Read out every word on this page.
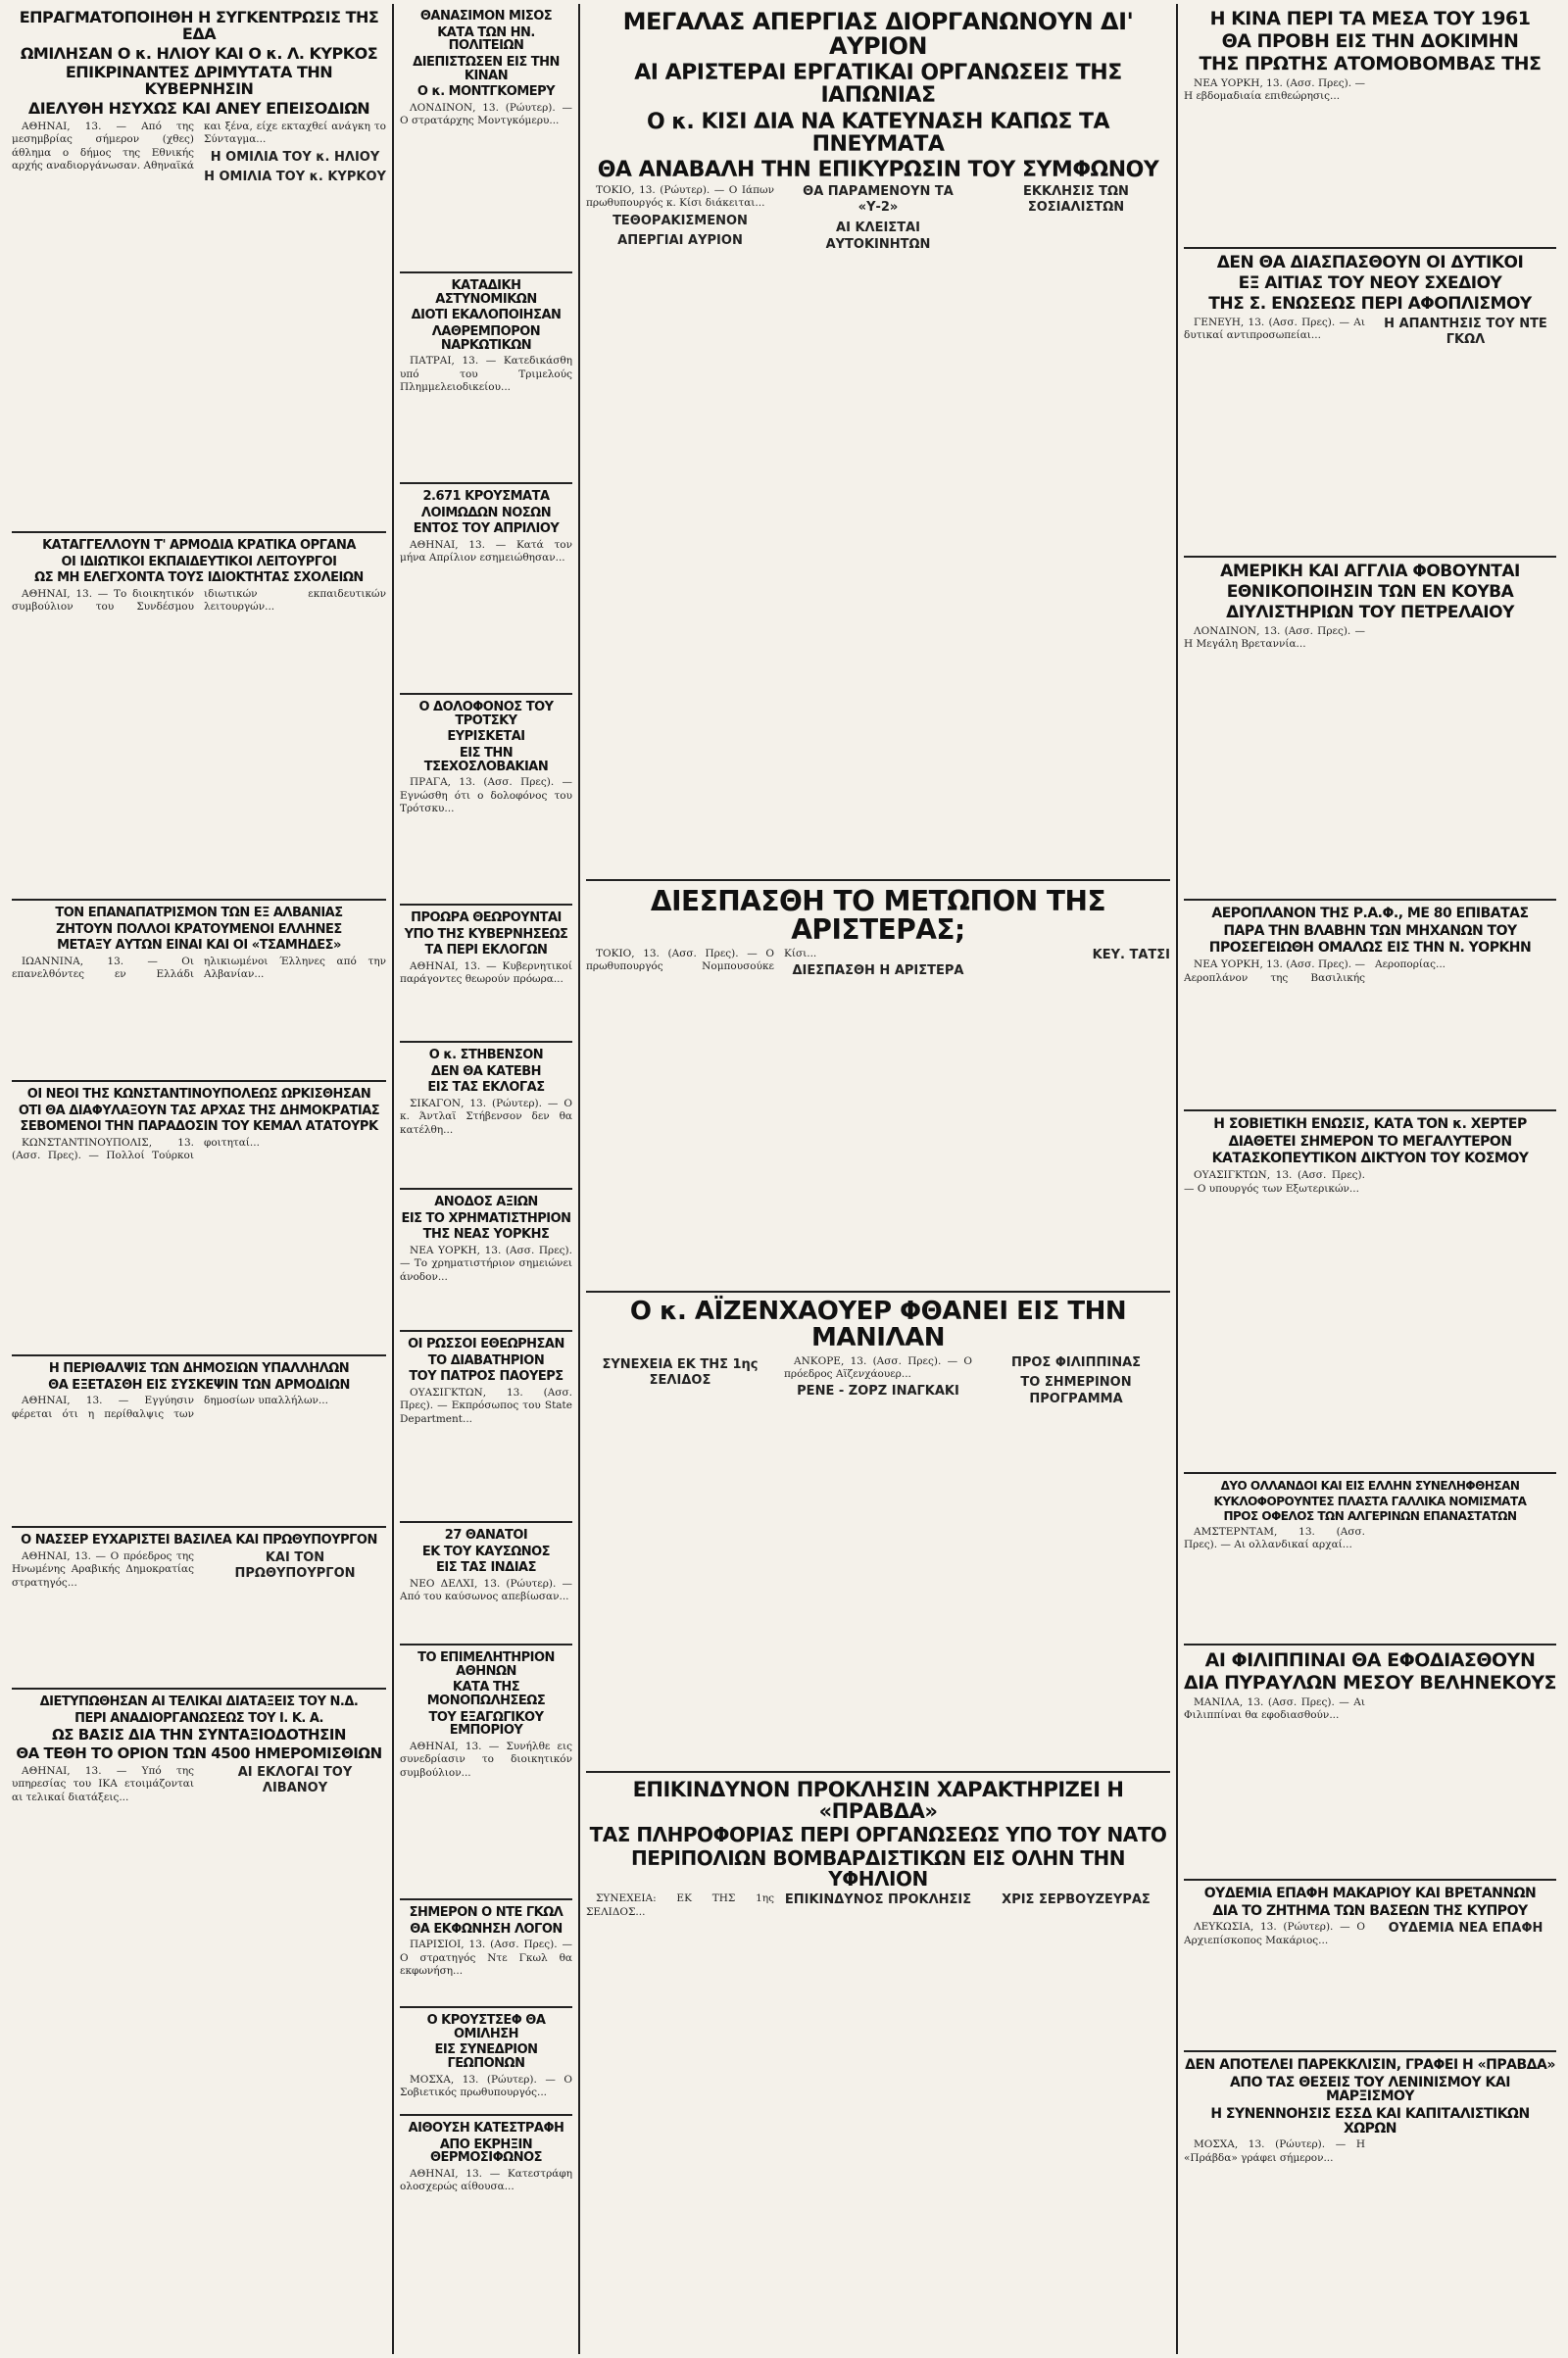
ΕΠΡΑΓΜΑΤΟΠΟΙΗΘΗ Η ΣΥΓΚΕΝΤΡΩΣΙΣ ΤΗΣ ΕΔΑ
ΩΜΙΛΗΣΑΝ Ο κ. ΗΛΙΟΥ ΚΑΙ Ο κ. Λ. ΚΥΡΚΟΣ
ΕΠΙΚΡΙΝΑΝΤΕΣ ΔΡΙΜΥΤΑΤΑ ΤΗΝ ΚΥΒΕΡΝΗΣΙΝ
ΔΙΕΛΥΘΗ ΗΣΥΧΩΣ ΚΑΙ ΑΝΕΥ ΕΠΕΙΣΟΔΙΩΝ

ΑΘΗΝΑΙ, 13. — Από της μεσημβρίας σήμερον (χθες) άθλημα ο δήμος της Εθνικής αρχής αναδιοργάνωσαν. Αθηναϊκά και ξένα, είχε εκταχθεί ανάγκη το Σύνταγμα...

Η ΟΜΙΛΙΑ ΤΟΥ κ. ΗΛΙΟΥ
Η ΟΜΙΛΙΑ ΤΟΥ κ. ΚΥΡΚΟΥ
ΚΑΤΑΓΓΕΛΛΟΥΝ Τ' ΑΡΜΟΔΙΑ ΚΡΑΤΙΚΑ ΟΡΓΑΝΑ
ΟΙ ΙΔΙΩΤΙΚΟΙ ΕΚΠΑΙΔΕΥΤΙΚΟΙ ΛΕΙΤΟΥΡΓΟΙ
ΩΣ ΜΗ ΕΛΕΓΧΟΝΤΑ ΤΟΥΣ ΙΔΙΟΚΤΗΤΑΣ ΣΧΟΛΕΙΩΝ

ΑΘΗΝΑΙ, 13. — Το διοικητικόν συμβούλιον του Συνδέσμου ιδιωτικών εκπαιδευτικών λειτουργών...

ΤΟΝ ΕΠΑΝΑΠΑΤΡΙΣΜΟΝ ΤΩΝ ΕΞ ΑΛΒΑΝΙΑΣ
ΖΗΤΟΥΝ ΠΟΛΛΟΙ ΚΡΑΤΟΥΜΕΝΟΙ ΕΛΛΗΝΕΣ
ΜΕΤΑΞΥ ΑΥΤΩΝ ΕΙΝΑΙ ΚΑΙ ΟΙ «ΤΣΑΜΗΔΕΣ»

ΙΩΑΝΝΙΝΑ, 13. — Οι επανελθόντες εν Ελλάδι ηλικιωμένοι Έλληνες από την Αλβανίαν...

ΟΙ ΝΕΟΙ ΤΗΣ ΚΩΝΣΤΑΝΤΙΝΟΥΠΟΛΕΩΣ ΩΡΚΙΣΘΗΣΑΝ
ΟΤΙ ΘΑ ΔΙΑΦΥΛΑΞΟΥΝ ΤΑΣ ΑΡΧΑΣ ΤΗΣ ΔΗΜΟΚΡΑΤΙΑΣ
ΣΕΒΟΜΕΝΟΙ ΤΗΝ ΠΑΡΑΔΟΣΙΝ ΤΟΥ ΚΕΜΑΛ ΑΤΑΤΟΥΡΚ

ΚΩΝΣΤΑΝΤΙΝΟΥΠΟΛΙΣ, 13. (Ασσ. Πρες). — Πολλοί Τούρκοι φοιτηταί...

Η ΠΕΡΙΘΑΛΨΙΣ ΤΩΝ ΔΗΜΟΣΙΩΝ ΥΠΑΛΛΗΛΩΝ
ΘΑ ΕΞΕΤΑΣΘΗ ΕΙΣ ΣΥΣΚΕΨΙΝ ΤΩΝ ΑΡΜΟΔΙΩΝ

ΑΘΗΝΑΙ, 13. — Εγγύησιν φέρεται ότι η περίθαλψις των δημοσίων υπαλλήλων...

Ο ΝΑΣΣΕΡ ΕΥΧΑΡΙΣΤΕΙ ΒΑΣΙΛΕΑ ΚΑΙ ΠΡΩΘΥΠΟΥΡΓΟΝ

ΑΘΗΝΑΙ, 13. — Ο πρόεδρος της Ηνωμένης Αραβικής Δημοκρατίας στρατηγός...

ΚΑΙ ΤΟΝ ΠΡΩΘΥΠΟΥΡΓΟΝ
ΔΙΕΤΥΠΩΘΗΣΑΝ ΑΙ ΤΕΛΙΚΑΙ ΔΙΑΤΑΞΕΙΣ ΤΟΥ Ν.Δ.
ΠΕΡΙ ΑΝΑΔΙΟΡΓΑΝΩΣΕΩΣ ΤΟΥ Ι. Κ. Α.
ΩΣ ΒΑΣΙΣ ΔΙΑ ΤΗΝ ΣΥΝΤΑΞΙΟΔΟΤΗΣΙΝ
ΘΑ ΤΕΘΗ ΤΟ ΟΡΙΟΝ ΤΩΝ 4500 ΗΜΕΡΟΜΙΣΘΙΩΝ

ΑΘΗΝΑΙ, 13. — Υπό της υπηρεσίας του ΙΚΑ ετοιμάζονται αι τελικαί διατάξεις...

ΑΙ ΕΚΛΟΓΑΙ ΤΟΥ ΛΙΒΑΝΟΥ
ΘΑΝΑΣΙΜΟΝ ΜΙΣΟΣ
ΚΑΤΑ ΤΩΝ ΗΝ. ΠΟΛΙΤΕΙΩΝ
ΔΙΕΠΙΣΤΩΣΕΝ ΕΙΣ ΤΗΝ ΚΙΝΑΝ
Ο κ. ΜΟΝΤΓΚΟΜΕΡΥ

ΛΟΝΔΙΝΟΝ, 13. (Ρώυτερ). — Ο στρατάρχης Μοντγκόμερυ...

ΚΑΤΑΔΙΚΗ ΑΣΤΥΝΟΜΙΚΩΝ
ΔΙΟΤΙ ΕΚΑΛΟΠΟΙΗΣΑΝ
ΛΑΘΡΕΜΠΟΡΟΝ ΝΑΡΚΩΤΙΚΩΝ

ΠΑΤΡΑΙ, 13. — Κατεδικάσθη υπό του Τριμελούς Πλημμελειοδικείου...

2.671 ΚΡΟΥΣΜΑΤΑ
ΛΟΙΜΩΔΩΝ ΝΟΣΩΝ
ΕΝΤΟΣ ΤΟΥ ΑΠΡΙΛΙΟΥ

ΑΘΗΝΑΙ, 13. — Κατά τον μήνα Απρίλιον εσημειώθησαν...

Ο ΔΟΛΟΦΟΝΟΣ ΤΟΥ ΤΡΟΤΣΚΥ
ΕΥΡΙΣΚΕΤΑΙ
ΕΙΣ ΤΗΝ ΤΣΕΧΟΣΛΟΒΑΚΙΑΝ

ΠΡΑΓΑ, 13. (Ασσ. Πρες). — Εγνώσθη ότι ο δολοφόνος του Τρότσκυ...

ΠΡΟΩΡΑ ΘΕΩΡΟΥΝΤΑΙ
ΥΠΟ ΤΗΣ ΚΥΒΕΡΝΗΣΕΩΣ
ΤΑ ΠΕΡΙ ΕΚΛΟΓΩΝ

ΑΘΗΝΑΙ, 13. — Κυβερνητικοί παράγοντες θεωρούν πρόωρα...

Ο κ. ΣΤΗΒΕΝΣΟΝ
ΔΕΝ ΘΑ ΚΑΤΕΒΗ
ΕΙΣ ΤΑΣ ΕΚΛΟΓΑΣ

ΣΙΚΑΓΟΝ, 13. (Ρώυτερ). — Ο κ. Άντλαϊ Στήβενσον δεν θα κατέλθη...

ΑΝΟΔΟΣ ΑΞΙΩΝ
ΕΙΣ ΤΟ ΧΡΗΜΑΤΙΣΤΗΡΙΟΝ
ΤΗΣ ΝΕΑΣ ΥΟΡΚΗΣ

ΝΕΑ ΥΟΡΚΗ, 13. (Ασσ. Πρες). — Το χρηματιστήριον σημειώνει άνοδον...

ΟΙ ΡΩΣΣΟΙ ΕΘΕΩΡΗΣΑΝ
ΤΟ ΔΙΑΒΑΤΗΡΙΟΝ
ΤΟΥ ΠΑΤΡΟΣ ΠΑΟΥΕΡΣ

ΟΥΑΣΙΓΚΤΩΝ, 13. (Ασσ. Πρες). — Εκπρόσωπος του State Department...

27 ΘΑΝΑΤΟΙ
ΕΚ ΤΟΥ ΚΑΥΣΩΝΟΣ
ΕΙΣ ΤΑΣ ΙΝΔΙΑΣ

ΝΕΟ ΔΕΛΧΙ, 13. (Ρώυτερ). — Από του καύσωνος απεβίωσαν...

ΤΟ ΕΠΙΜΕΛΗΤΗΡΙΟΝ ΑΘΗΝΩΝ
ΚΑΤΑ ΤΗΣ ΜΟΝΟΠΩΛΗΣΕΩΣ
ΤΟΥ ΕΞΑΓΩΓΙΚΟΥ ΕΜΠΟΡΙΟΥ

ΑΘΗΝΑΙ, 13. — Συνήλθε εις συνεδρίασιν το διοικητικόν συμβούλιον...

ΣΗΜΕΡΟΝ Ο ΝΤΕ ΓΚΩΛ
ΘΑ ΕΚΦΩΝΗΣΗ ΛΟΓΟΝ

ΠΑΡΙΣΙΟΙ, 13. (Ασσ. Πρες). — Ο στρατηγός Ντε Γκωλ θα εκφωνήση...

Ο ΚΡΟΥΣΤΣΕΦ ΘΑ ΟΜΙΛΗΣΗ
ΕΙΣ ΣΥΝΕΔΡΙΟΝ ΓΕΩΠΟΝΩΝ

ΜΟΣΧΑ, 13. (Ρώυτερ). — Ο Σοβιετικός πρωθυπουργός...

ΑΙΘΟΥΣΗ ΚΑΤΕΣΤΡΑΦΗ
ΑΠΟ ΕΚΡΗΞΙΝ ΘΕΡΜΟΣΙΦΩΝΟΣ

ΑΘΗΝΑΙ, 13. — Κατεστράφη ολοσχερώς αίθουσα...

ΜΕΓΑΛΑΣ ΑΠΕΡΓΙΑΣ ΔΙΟΡΓΑΝΩΝΟΥΝ ΔΙ' ΑΥΡΙΟΝ
ΑΙ ΑΡΙΣΤΕΡΑΙ ΕΡΓΑΤΙΚΑΙ ΟΡΓΑΝΩΣΕΙΣ ΤΗΣ ΙΑΠΩΝΙΑΣ
Ο κ. ΚΙΣΙ ΔΙΑ ΝΑ ΚΑΤΕΥΝΑΣΗ ΚΑΠΩΣ ΤΑ ΠΝΕΥΜΑΤΑ
ΘΑ ΑΝΑΒΑΛΗ ΤΗΝ ΕΠΙΚΥΡΩΣΙΝ ΤΟΥ ΣΥΜΦΩΝΟΥ

ΤΟΚΙΟ, 13. (Ρώυτερ). — Ο Ιάπων πρωθυπουργός κ. Κίσι διάκειται...

ΤΕΘΟΡΑΚΙΣΜΕΝΟΝ
ΑΠΕΡΓΙΑΙ ΑΥΡΙΟΝ
ΘΑ ΠΑΡΑΜΕΝΟΥΝ ΤΑ «Υ-2»
ΑΙ ΚΛΕΙΣΤΑΙ ΑΥΤΟΚΙΝΗΤΩΝ
ΕΚΚΛΗΣΙΣ ΤΩΝ ΣΟΣΙΑΛΙΣΤΩΝ
ΔΙΕΣΠΑΣΘΗ ΤΟ ΜΕΤΩΠΟΝ ΤΗΣ ΑΡΙΣΤΕΡΑΣ;

ΤΟΚΙΟ, 13. (Ασσ. Πρες). — Ο πρωθυπουργός Νομπουσούκε Κίσι...

ΔΙΕΣΠΑΣΘΗ Η ΑΡΙΣΤΕΡΑ
ΚΕΥ. ΤΑΤΣΙ
Ο κ. ΑΪΖΕΝΧΑΟΥΕΡ ΦΘΑΝΕΙ ΕΙΣ ΤΗΝ ΜΑΝΙΛΑΝ
ΣΥΝΕΧΕΙΑ ΕΚ ΤΗΣ 1ης ΣΕΛΙΔΟΣ

ΑΝΚΟΡΕ, 13. (Ασσ. Πρες). — Ο πρόεδρος Αϊζενχάουερ...

ΡΕΝΕ - ΖΟΡΖ ΙΝΑΓΚΑΚΙ
ΠΡΟΣ ΦΙΛΙΠΠΙΝΑΣ
ΤΟ ΣΗΜΕΡΙΝΟΝ ΠΡΟΓΡΑΜΜΑ
ΕΠΙΚΙΝΔΥΝΟΝ ΠΡΟΚΛΗΣΙΝ ΧΑΡΑΚΤΗΡΙΖΕΙ Η «ΠΡΑΒΔΑ»
ΤΑΣ ΠΛΗΡΟΦΟΡΙΑΣ ΠΕΡΙ ΟΡΓΑΝΩΣΕΩΣ ΥΠΟ ΤΟΥ ΝΑΤΟ
ΠΕΡΙΠΟΛΙΩΝ ΒΟΜΒΑΡΔΙΣΤΙΚΩΝ ΕΙΣ ΟΛΗΝ ΤΗΝ ΥΦΗΛΙΟΝ

ΣΥΝΕΧΕΙΑ: ΕΚ ΤΗΣ 1ης ΣΕΛΙΔΟΣ...

ΕΠΙΚΙΝΔΥΝΟΣ ΠΡΟΚΛΗΣΙΣ	ΧΡΙΣ ΣΕΡΒΟΥΖΕΥΡΑΣ
Η ΚΙΝΑ ΠΕΡΙ ΤΑ ΜΕΣΑ ΤΟΥ 1961
ΘΑ ΠΡΟΒΗ ΕΙΣ ΤΗΝ ΔΟΚΙΜΗΝ
ΤΗΣ ΠΡΩΤΗΣ ΑΤΟΜΟΒΟΜΒΑΣ ΤΗΣ

ΝΕΑ ΥΟΡΚΗ, 13. (Ασσ. Πρες). — Η εβδομαδιαία επιθεώρησις...

ΔΕΝ ΘΑ ΔΙΑΣΠΑΣΘΟΥΝ ΟΙ ΔΥΤΙΚΟΙ
ΕΞ ΑΙΤΙΑΣ ΤΟΥ ΝΕΟΥ ΣΧΕΔΙΟΥ
ΤΗΣ Σ. ΕΝΩΣΕΩΣ ΠΕΡΙ ΑΦΟΠΛΙΣΜΟΥ

ΓΕΝΕΥΗ, 13. (Ασσ. Πρες). — Αι δυτικαί αντιπροσωπείαι...

Η ΑΠΑΝΤΗΣΙΣ ΤΟΥ ΝΤΕ ΓΚΩΛ
ΑΜΕΡΙΚΗ ΚΑΙ ΑΓΓΛΙΑ ΦΟΒΟΥΝΤΑΙ
ΕΘΝΙΚΟΠΟΙΗΣΙΝ ΤΩΝ ΕΝ ΚΟΥΒΑ
ΔΙΥΛΙΣΤΗΡΙΩΝ ΤΟΥ ΠΕΤΡΕΛΑΙΟΥ

ΛΟΝΔΙΝΟΝ, 13. (Ασσ. Πρες). — Η Μεγάλη Βρεταννία...

ΑΕΡΟΠΛΑΝΟΝ ΤΗΣ Ρ.Α.Φ., ΜΕ 80 ΕΠΙΒΑΤΑΣ
ΠΑΡΑ ΤΗΝ ΒΛΑΒΗΝ ΤΩΝ ΜΗΧΑΝΩΝ ΤΟΥ
ΠΡΟΣΕΓΕΙΩΘΗ ΟΜΑΛΩΣ ΕΙΣ ΤΗΝ Ν. ΥΟΡΚΗΝ

ΝΕΑ ΥΟΡΚΗ, 13. (Ασσ. Πρες). — Αεροπλάνον της Βασιλικής Αεροπορίας...

Η ΣΟΒΙΕΤΙΚΗ ΕΝΩΣΙΣ, ΚΑΤΑ ΤΟΝ κ. ΧΕΡΤΕΡ
ΔΙΑΘΕΤΕΙ ΣΗΜΕΡΟΝ ΤΟ ΜΕΓΑΛΥΤΕΡΟΝ
ΚΑΤΑΣΚΟΠΕΥΤΙΚΟΝ ΔΙΚΤΥΟΝ ΤΟΥ ΚΟΣΜΟΥ

ΟΥΑΣΙΓΚΤΩΝ, 13. (Ασσ. Πρες). — Ο υπουργός των Εξωτερικών...

ΔΥΟ ΟΛΛΑΝΔΟΙ ΚΑΙ ΕΙΣ ΕΛΛΗΝ ΣΥΝΕΛΗΦΘΗΣΑΝ
ΚΥΚΛΟΦΟΡΟΥΝΤΕΣ ΠΛΑΣΤΑ ΓΑΛΛΙΚΑ ΝΟΜΙΣΜΑΤΑ
ΠΡΟΣ ΟΦΕΛΟΣ ΤΩΝ ΑΛΓΕΡΙΝΩΝ ΕΠΑΝΑΣΤΑΤΩΝ

ΑΜΣΤΕΡΝΤΑΜ, 13. (Ασσ. Πρες). — Αι ολλανδικαί αρχαί...

ΑΙ ΦΙΛΙΠΠΙΝΑΙ ΘΑ ΕΦΟΔΙΑΣΘΟΥΝ
ΔΙΑ ΠΥΡΑΥΛΩΝ ΜΕΣΟΥ ΒΕΛΗΝΕΚΟΥΣ

ΜΑΝΙΛΑ, 13. (Ασσ. Πρες). — Αι Φιλιππίναι θα εφοδιασθούν...

ΟΥΔΕΜΙΑ ΕΠΑΦΗ ΜΑΚΑΡΙΟΥ ΚΑΙ ΒΡΕΤΑΝΝΩΝ
ΔΙΑ ΤΟ ΖΗΤΗΜΑ ΤΩΝ ΒΑΣΕΩΝ ΤΗΣ ΚΥΠΡΟΥ

ΛΕΥΚΩΣΙΑ, 13. (Ρώυτερ). — Ο Αρχιεπίσκοπος Μακάριος...

ΟΥΔΕΜΙΑ ΝΕΑ ΕΠΑΦΗ
ΔΕΝ ΑΠΟΤΕΛΕΙ ΠΑΡΕΚΚΛΙΣΙΝ, ΓΡΑΦΕΙ Η «ΠΡΑΒΔΑ»
ΑΠΟ ΤΑΣ ΘΕΣΕΙΣ ΤΟΥ ΛΕΝΙΝΙΣΜΟΥ ΚΑΙ ΜΑΡΞΙΣΜΟΥ
Η ΣΥΝΕΝΝΟΗΣΙΣ ΕΣΣΔ ΚΑΙ ΚΑΠΙΤΑΛΙΣΤΙΚΩΝ ΧΩΡΩΝ

ΜΟΣΧΑ, 13. (Ρώυτερ). — Η «Πράβδα» γράφει σήμερον...
